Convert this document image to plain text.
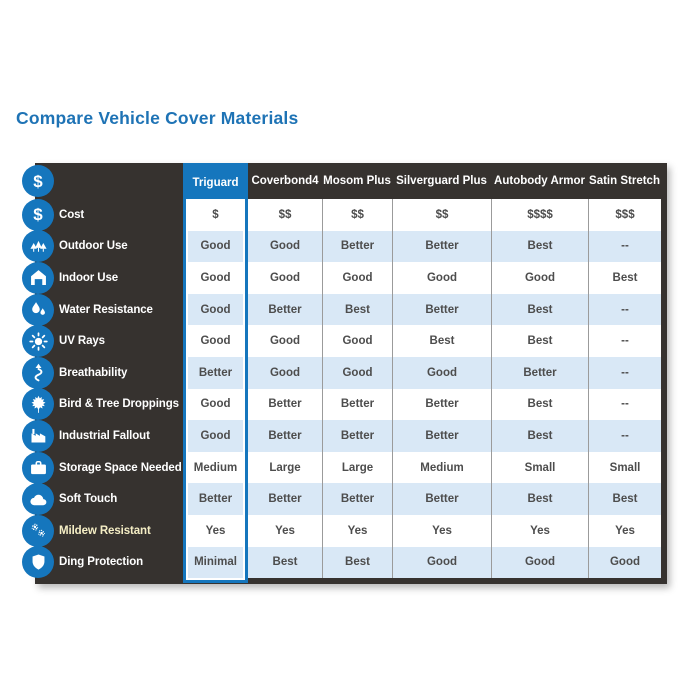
Compare Vehicle Cover Materials
$
$ Cost
Outdoor Use
Indoor Use
Water Resistance
UV Rays
Breathability
Bird & Tree Droppings
Industrial Fallout
Storage Space Needed
Soft Touch
Mildew Resistant
Ding Protection
Triguard
$
Good
Good
Good
Good
Better
Good
Good
Medium
Better
Yes
Minimal
Coverbond4
$$
Good
Good
Better
Good
Good
Better
Better
Large
Better
Yes
Best
Mosom Plus
$$
Better
Good
Best
Good
Good
Better
Better
Large
Better
Yes
Best
Silverguard Plus
$$
Better
Good
Better
Best
Good
Better
Better
Medium
Better
Yes
Good
Autobody Armor
$$$$
Best
Good
Best
Best
Better
Best
Best
Small
Best
Yes
Good
Satin Stretch
$$$
--
Best
--
--
--
--
--
Small
Best
Yes
Good
